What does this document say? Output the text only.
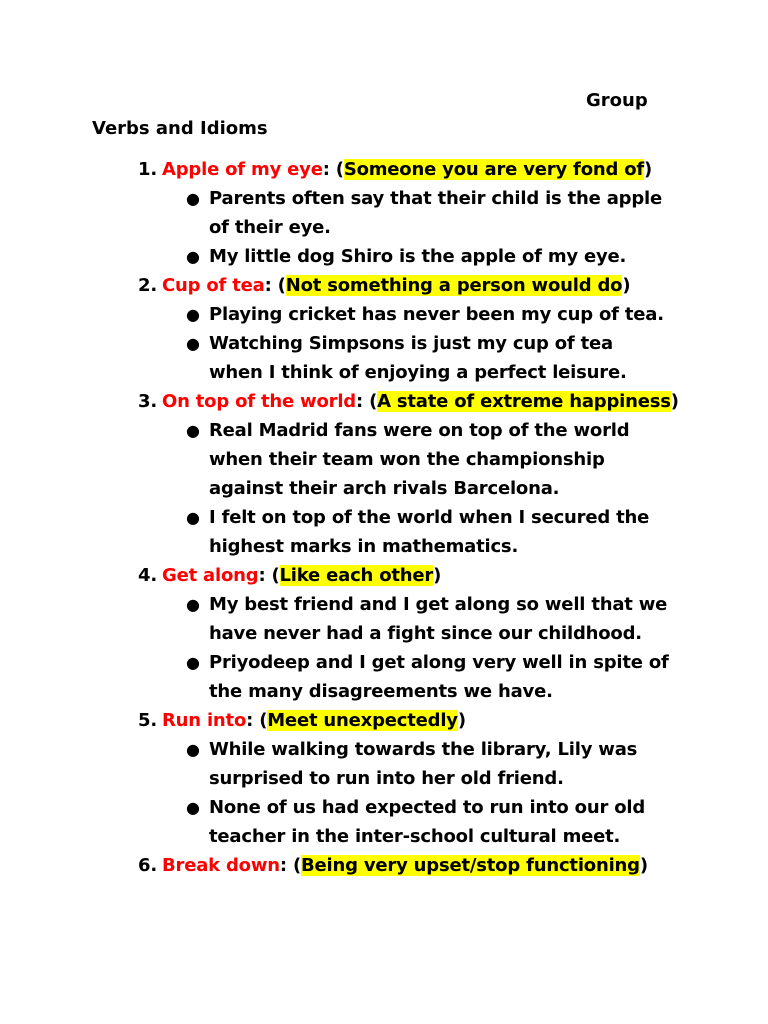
Group
Verbs and Idioms
1. Apple of my eye: (Someone you are very fond of)
● Parents often say that their child is the apple of their eye.
● My little dog Shiro is the apple of my eye.
2. Cup of tea: (Not something a person would do)
● Playing cricket has never been my cup of tea.
● Watching Simpsons is just my cup of tea when I think of enjoying a perfect leisure.
3. On top of the world: (A state of extreme happiness)
● Real Madrid fans were on top of the world when their team won the championship against their arch rivals Barcelona.
● I felt on top of the world when I secured the highest marks in mathematics.
4. Get along: (Like each other)
● My best friend and I get along so well that we have never had a fight since our childhood.
● Priyodeep and I get along very well in spite of the many disagreements we have.
5. Run into: (Meet unexpectedly)
● While walking towards the library, Lily was surprised to run into her old friend.
● None of us had expected to run into our old teacher in the inter-school cultural meet.
6. Break down: (Being very upset/stop functioning)
